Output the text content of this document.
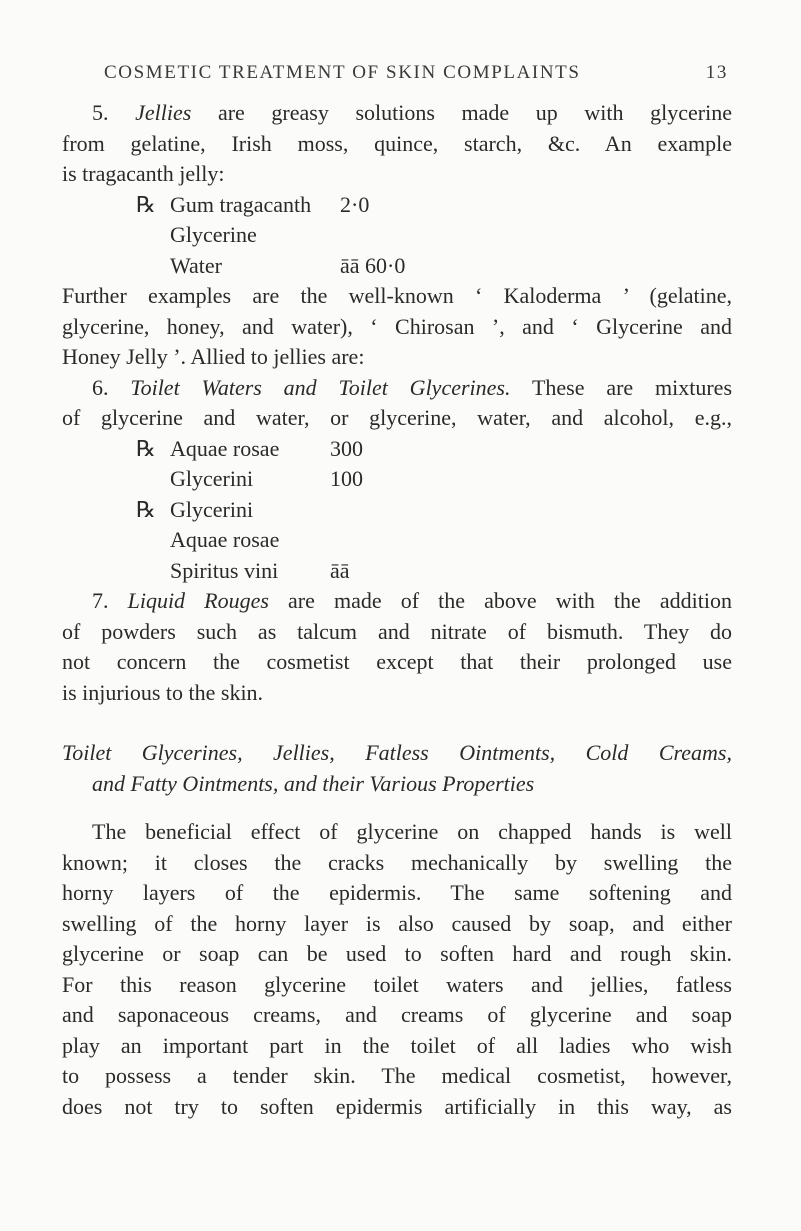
COSMETIC TREATMENT OF SKIN COMPLAINTS	13

5. Jellies are greasy solutions made up with glycerine

from gelatine, Irish moss, quince, starch, &c. An example

is tragacanth jelly:

℞ Gum tragacanth	2·0
Glycerine
Water	āā 60·0

Further examples are the well-known ‘ Kaloderma ’ (gelatine,

glycerine, honey, and water), ‘ Chirosan ’, and ‘ Glycerine and

Honey Jelly ’. Allied to jellies are:

6. Toilet Waters and Toilet Glycerines. These are mixtures

of glycerine and water, or glycerine, water, and alcohol, e.g.,

℞ Aquae rosae	300
Glycerini	100
℞ Glycerini
Aquae rosae
Spiritus vini	āā

7. Liquid Rouges are made of the above with the addition

of powders such as talcum and nitrate of bismuth. They do

not concern the cosmetist except that their prolonged use

is injurious to the skin.

Toilet Glycerines, Jellies, Fatless Ointments, Cold Creams,
and Fatty Ointments, and their Various Properties

The beneficial effect of glycerine on chapped hands is well

known; it closes the cracks mechanically by swelling the

horny layers of the epidermis. The same softening and

swelling of the horny layer is also caused by soap, and either

glycerine or soap can be used to soften hard and rough skin.

For this reason glycerine toilet waters and jellies, fatless

and saponaceous creams, and creams of glycerine and soap

play an important part in the toilet of all ladies who wish

to possess a tender skin. The medical cosmetist, however,

does not try to soften epidermis artificially in this way, as
